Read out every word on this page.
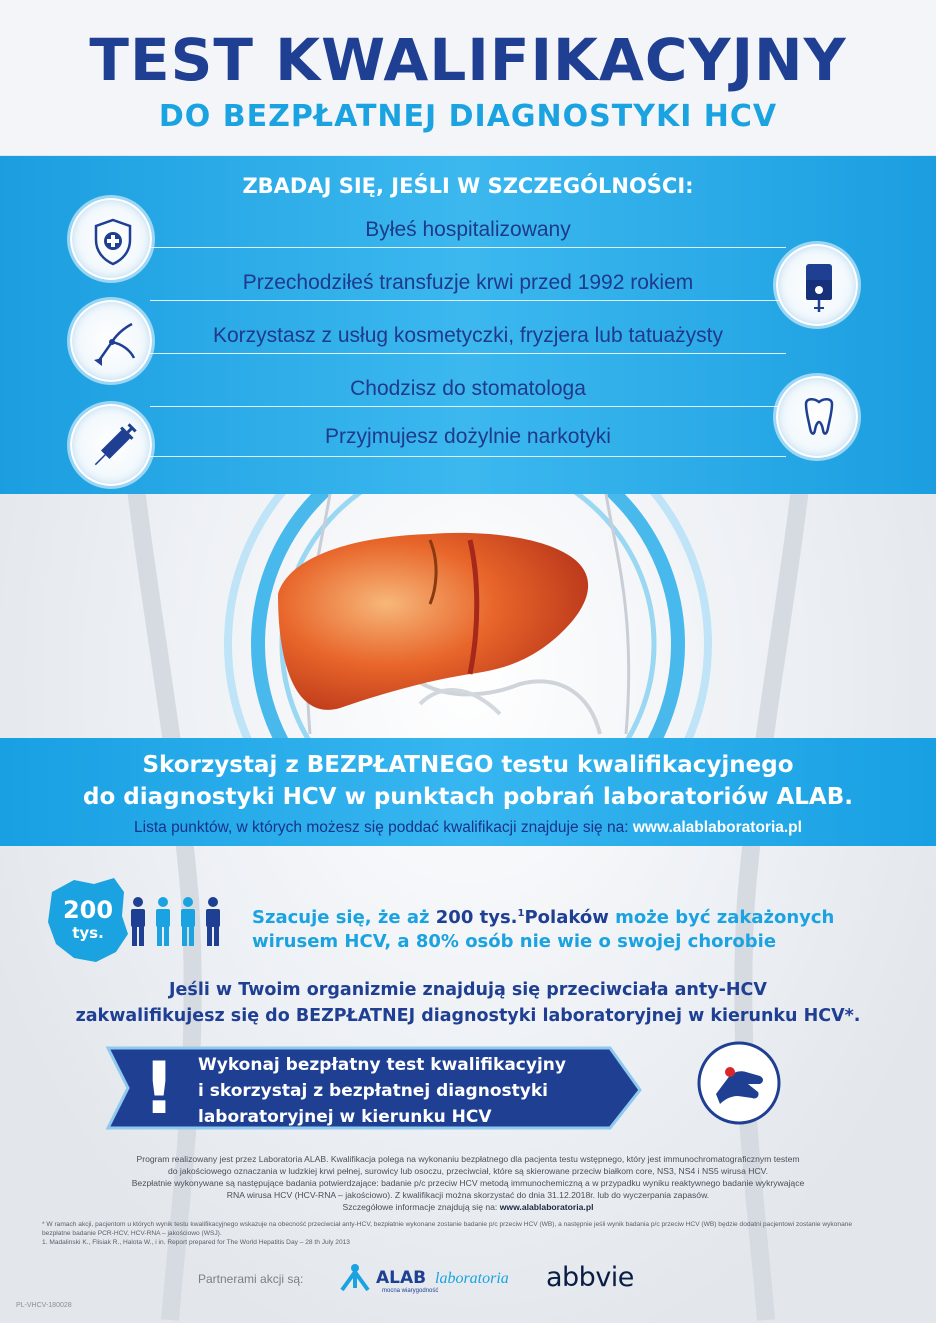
TEST KWALIFIKACYJNY
DO BEZPŁATNEJ DIAGNOSTYKI HCV
ZBADAJ SIĘ, JEŚLI W SZCZEGÓLNOŚCI:
Byłeś hospitalizowany
Przechodziłeś transfuzje krwi przed 1992 rokiem
Korzystasz z usług kosmetyczki, fryzjera lub tatuażysty
Chodzisz do stomatologa
Przyjmujesz dożylnie narkotyki
Skorzystaj z BEZPŁATNEGO testu kwalifikacyjnego
do diagnostyki HCV w punktach pobrań laboratoriów ALAB.
Lista punktów, w których możesz się poddać kwalifikacji znajduje się na: www.alablaboratoria.pl
200
tys.
Szacuje się, że aż 200 tys.$^1$Polaków może być zakażonych
wirusem HCV, a 80% osób nie wie o swojej chorobie
Jeśli w Twoim organizmie znajdują się przeciwciała anty-HCV
zakwalifikujesz się do BEZPŁATNEJ diagnostyki laboratoryjnej w kierunku HCV*.
! Wykonaj bezpłatny test kwalifikacyjny
i skorzystaj z bezpłatnej diagnostyki
laboratoryjnej w kierunku HCV
Program realizowany jest przez Laboratoria ALAB. Kwalifikacja polega na wykonaniu bezpłatnego dla pacjenta testu wstępnego, który jest immunochromatograficznym testem
do jakościowego oznaczania w ludzkiej krwi pełnej, surowicy lub osoczu, przeciwciał, które są skierowane przeciw białkom core, NS3, NS4 i NS5 wirusa HCV.
Bezpłatnie wykonywane są następujące badania potwierdzające: badanie p/c przeciw HCV metodą immunochemiczną a w przypadku wyniku reaktywnego badanie wykrywające
RNA wirusa HCV (HCV-RNA – jakościowo). Z kwalifikacji można skorzystać do dnia 31.12.2018r. lub do wyczerpania zapasów.
Szczegółowe informacje znajdują się na: www.alablaboratoria.pl
* W ramach akcji, pacjentom u których wynik testu kwalifikacyjnego wskazuje na obecność przeciwciał anty-HCV, bezpłatnie wykonane zostanie badanie p/c przeciw HCV (WB), a następnie jeśli wynik badania p/c przeciw HCV (WB) będzie dodatni pacjentowi zostanie wykonane
bezpłatne badanie PCR-HCV, HCV-RNA – jakościowo (WSJ).
1. Madalinski K., Flisiak R., Halota W., i in. Report prepared for The World Hepatitis Day – 28 th July 2013
Partnerami akcji są:	ALAB laboratoria
mocna wiarygodność	abbvie
PL-VHCV-180028
